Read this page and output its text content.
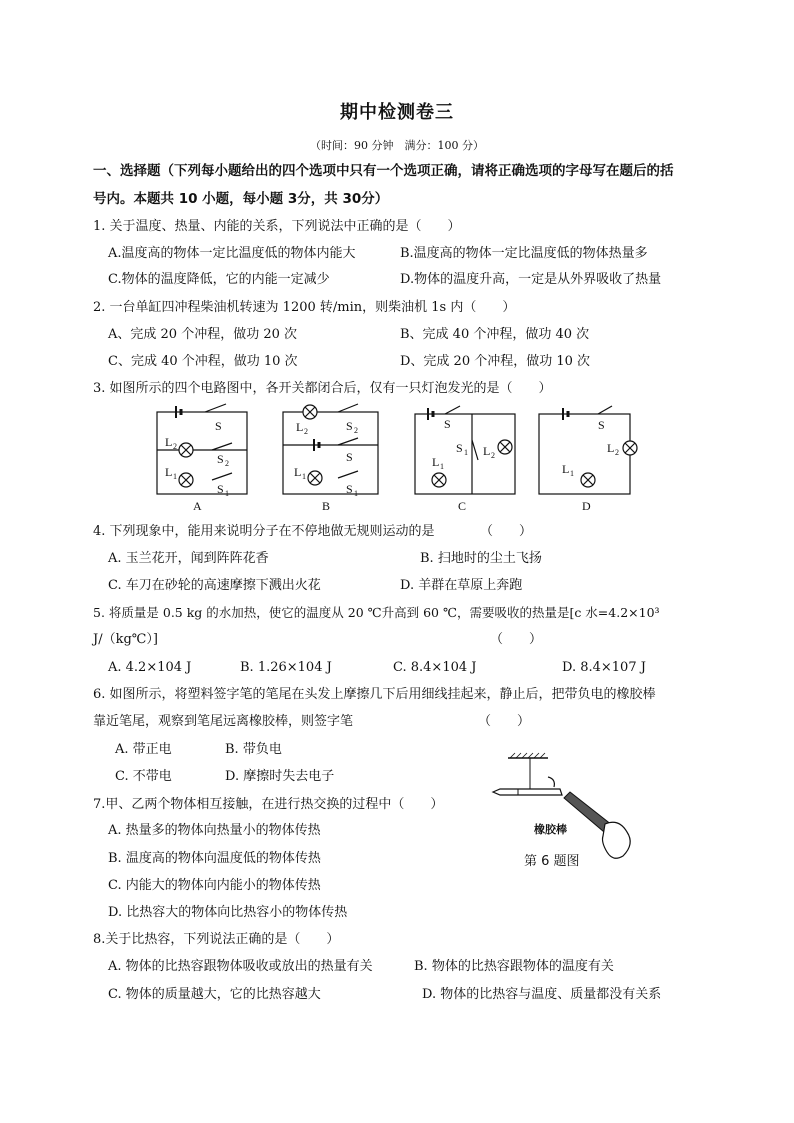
期中检测卷三
（时间：90 分钟　满分：100 分）
一、选择题（下列每小题给出的四个选项中只有一个选项正确，请将正确选项的字母写在题后的括
号内。本题共 10 小题，每小题 3分，共 30分）
1. 关于温度、热量、内能的关系，下列说法中正确的是（　　）
A.温度高的物体一定比温度低的物体内能大	B.温度高的物体一定比温度低的物体热量多
C.物体的温度降低，它的内能一定减少	D.物体的温度升高，一定是从外界吸收了热量
2. 一台单缸四冲程柴油机转速为 1200 转/min，则柴油机 1s 内（　　）
A、完成 20 个冲程，做功 20 次	B、完成 40 个冲程，做功 40 次
C、完成 40 个冲程，做功 10 次	D、完成 20 个冲程，做功 10 次
3. 如图所示的四个电路图中，各开关都闭合后，仅有一只灯泡发光的是（　　）
S
L 2
S 2
L 1
S 1
L 2	S 2
S
L 1
S 1
S
S 1 L 2
L 1
S
L 2
L 1
A	B	C	D
4. 下列现象中，能用来说明分子在不停地做无规则运动的是　　　　（　　）
A. 玉兰花开，闻到阵阵花香	B. 扫地时的尘土飞扬
C. 车刀在砂轮的高速摩擦下溅出火花	D. 羊群在草原上奔跑
5. 将质量是 0.5 kg 的水加热，使它的温度从 20 ℃升高到 60 ℃，需要吸收的热量是[c 水=4.2×10³
J/（kg℃）]	（　　）
A. 4.2×104 J	B. 1.26×104 J	C. 8.4×104 J	D. 8.4×107 J
6. 如图所示，将塑料签字笔的笔尾在头发上摩擦几下后用细线挂起来，静止后，把带负电的橡胶棒
靠近笔尾，观察到笔尾远离橡胶棒，则签字笔	（　　）
A. 带正电	B. 带负电
C. 不带电	D. 摩擦时失去电子
橡胶棒
第 6 题图
7.甲、乙两个物体相互接触，在进行热交换的过程中（　　）
A. 热量多的物体向热量小的物体传热
B. 温度高的物体向温度低的物体传热
C. 内能大的物体向内能小的物体传热
D. 比热容大的物体向比热容小的物体传热
8.关于比热容，下列说法正确的是（　　）
A. 物体的比热容跟物体吸收或放出的热量有关	B. 物体的比热容跟物体的温度有关
C. 物体的质量越大，它的比热容越大	D. 物体的比热容与温度、质量都没有关系
